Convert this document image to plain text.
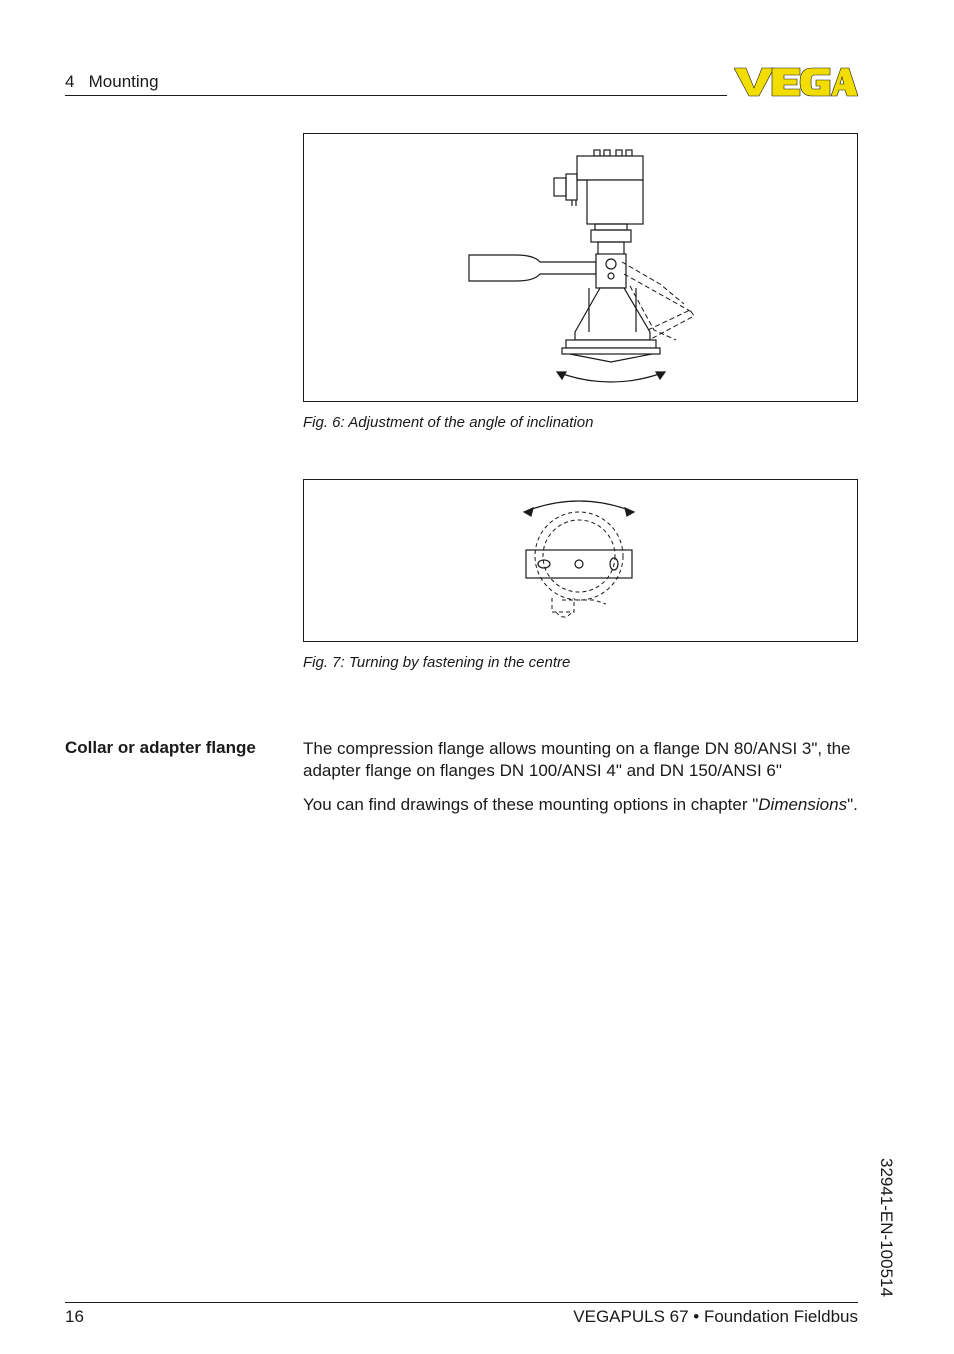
4   Mounting
Fig. 6: Adjustment of the angle of inclination
Fig. 7: Turning by fastening in the centre
Collar or adapter flange	The compression flange allows mounting on a flange DN 80/ANSI 3", the adapter flange on flanges DN 100/ANSI 4" and DN 150/ANSI 6"
You can find drawings of these mounting options in chapter "Dimensions".
32941-EN-100514
16	VEGAPULS 67 • Foundation Fieldbus
